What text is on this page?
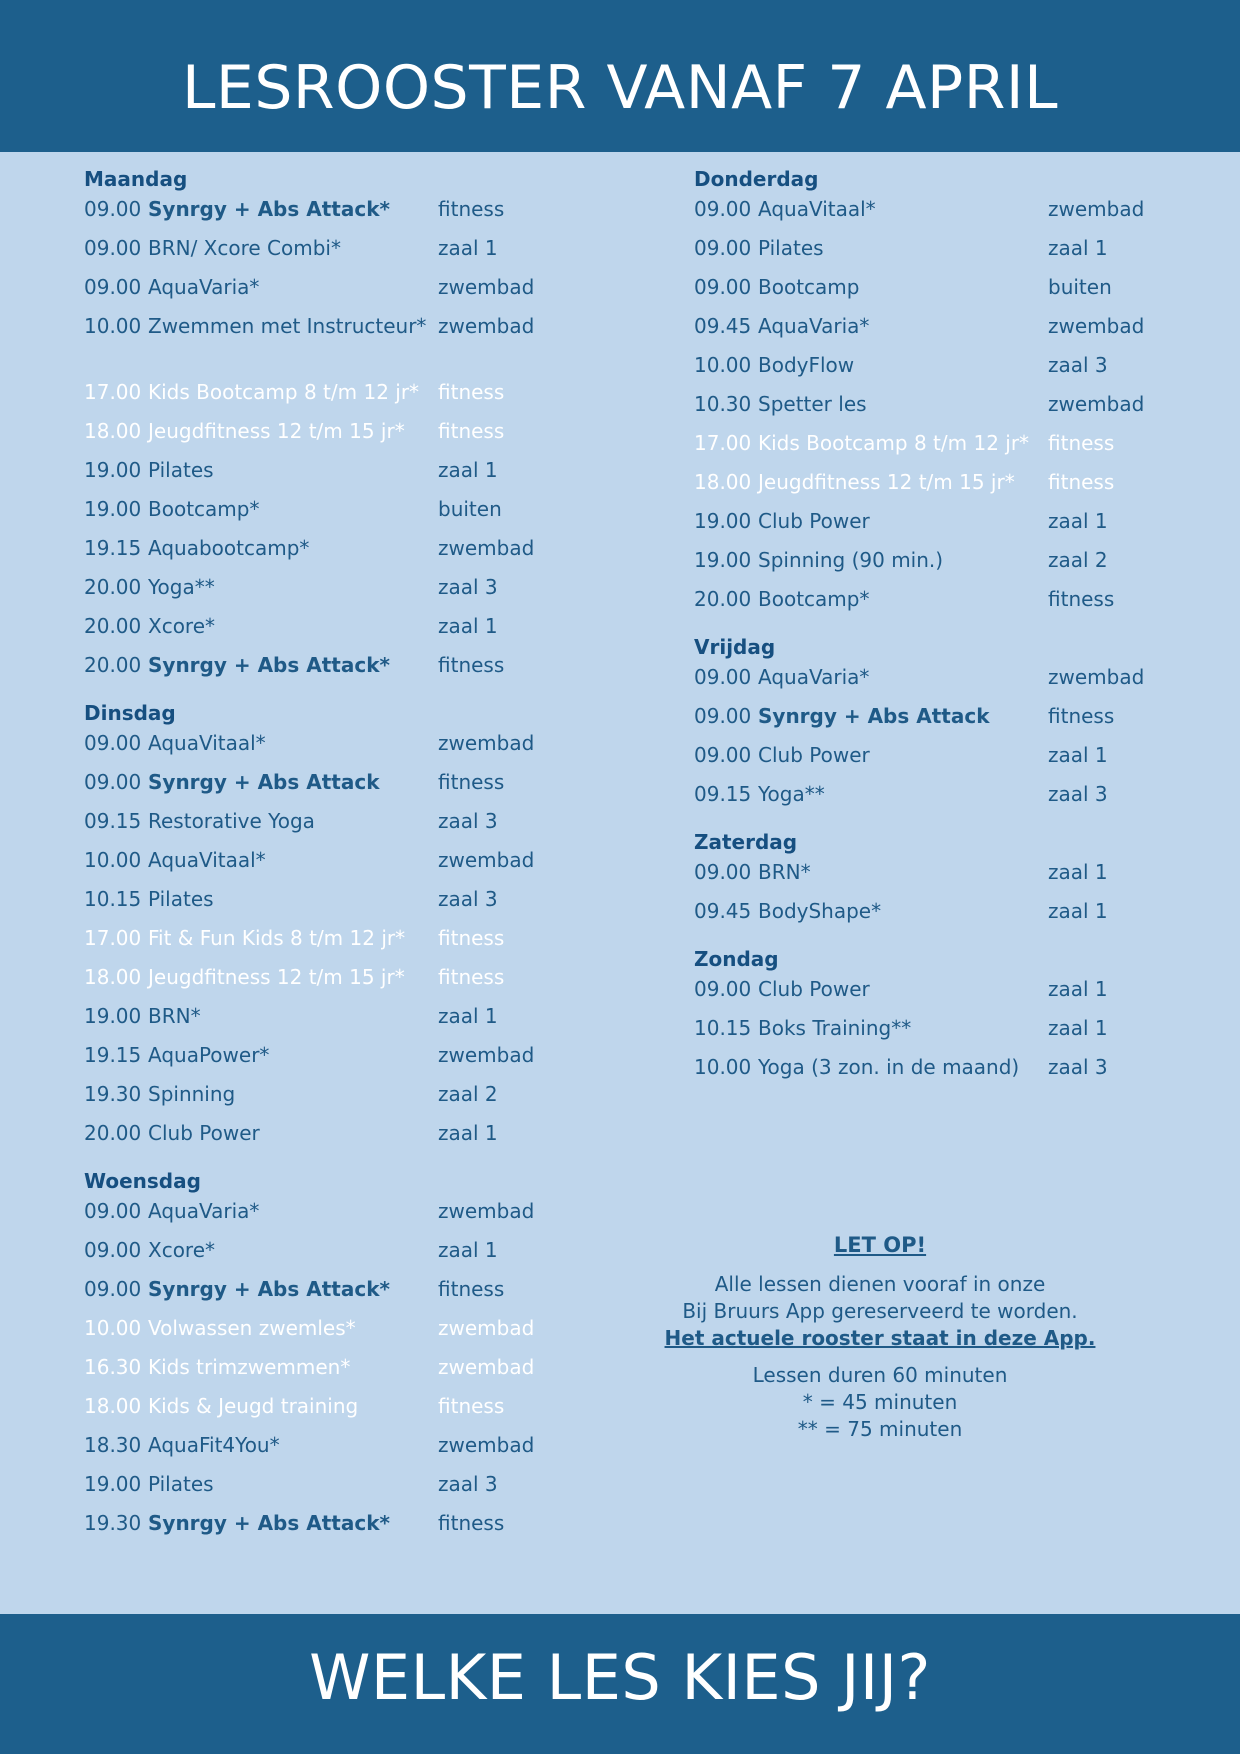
LESROOSTER VANAF 7 APRIL
Maandag
09.00 Synrgy + Abs Attack*	fitness
09.00 BRN/ Xcore Combi*	zaal 1
09.00 AquaVaria*	zwembad
10.00 Zwemmen met Instructeur* zwembad
17.00 Kids Bootcamp 8 t/m 12 jr* fitness
18.00 Jeugdfitness 12 t/m 15 jr*	fitness
19.00 Pilates	zaal 1
19.00 Bootcamp*	buiten
19.15 Aquabootcamp*	zwembad
20.00 Yoga**	zaal 3
20.00 Xcore*	zaal 1
20.00 Synrgy + Abs Attack*	fitness
Dinsdag
09.00 AquaVitaal*	zwembad
09.00 Synrgy + Abs Attack	fitness
09.15 Restorative Yoga	zaal 3
10.00 AquaVitaal*	zwembad
10.15 Pilates	zaal 3
17.00 Fit & Fun Kids 8 t/m 12 jr*	fitness
18.00 Jeugdfitness 12 t/m 15 jr*	fitness
19.00 BRN*	zaal 1
19.15 AquaPower*	zwembad
19.30 Spinning	zaal 2
20.00 Club Power	zaal 1
Woensdag
09.00 AquaVaria*	zwembad
09.00 Xcore*	zaal 1
09.00 Synrgy + Abs Attack*	fitness
10.00 Volwassen zwemles*	zwembad
16.30 Kids trimzwemmen*	zwembad
18.00 Kids & Jeugd training	fitness
18.30 AquaFit4You*	zwembad
19.00 Pilates	zaal 3
19.30 Synrgy + Abs Attack*	fitness
Donderdag
09.00 AquaVitaal*	zwembad
09.00 Pilates	zaal 1
09.00 Bootcamp	buiten
09.45 AquaVaria*	zwembad
10.00 BodyFlow	zaal 3
10.30 Spetter les	zwembad
17.00 Kids Bootcamp 8 t/m 12 jr* fitness
18.00 Jeugdfitness 12 t/m 15 jr*	fitness
19.00 Club Power	zaal 1
19.00 Spinning (90 min.)	zaal 2
20.00 Bootcamp*	fitness
Vrijdag
09.00 AquaVaria*	zwembad
09.00 Synrgy + Abs Attack	fitness
09.00 Club Power	zaal 1
09.15 Yoga**	zaal 3
Zaterdag
09.00 BRN*	zaal 1
09.45 BodyShape*	zaal 1
Zondag
09.00 Club Power	zaal 1
10.15 Boks Training**	zaal 1
10.00 Yoga (3 zon. in de maand)	zaal 3
LET OP!
Alle lessen dienen vooraf in onze
Bij Bruurs App gereserveerd te worden.
Het actuele rooster staat in deze App.
Lessen duren 60 minuten
* = 45 minuten
** = 75 minuten
WELKE LES KIES JIJ?
